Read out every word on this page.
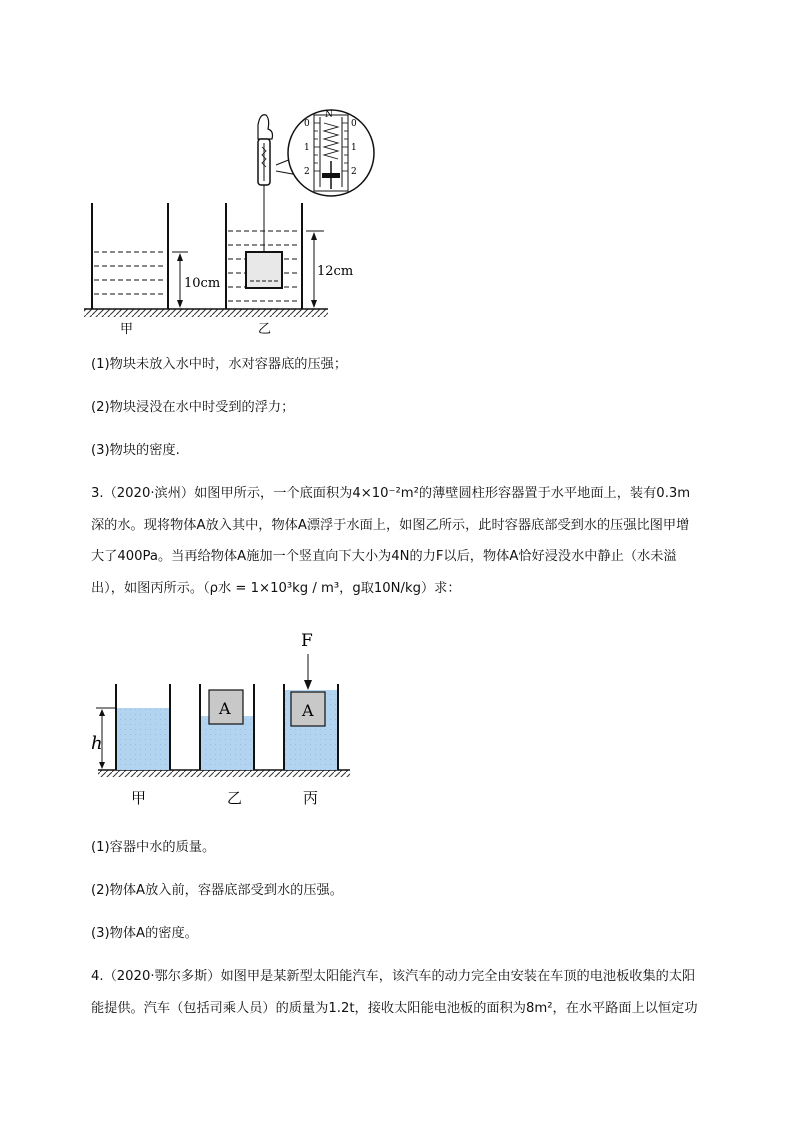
10cm
12cm
N
0
1
2
0
1
2
甲	乙
(1)物块未放入水中时，水对容器底的压强；
(2)物块浸没在水中时受到的浮力；
(3)物块的密度.
3.（2020·滨州）如图甲所示，一个底面积为4×10⁻²m²的薄壁圆柱形容器置于水平地面上，装有0.3m
深的水。现将物体A放入其中，物体A漂浮于水面上，如图乙所示，此时容器底部受到水的压强比图甲增
大了400Pa。当再给物体A施加一个竖直向下大小为4N的力F以后，物体A恰好浸没水中静止（水未溢
出），如图丙所示。（ρ水 = 1×10³kg / m³，g取10N/kg）求：
h
A	A
F
甲	乙	丙
(1)容器中水的质量。
(2)物体A放入前，容器底部受到水的压强。
(3)物体A的密度。
4.（2020·鄂尔多斯）如图甲是某新型太阳能汽车，该汽车的动力完全由安装在车顶的电池板收集的太阳
能提供。汽车（包括司乘人员）的质量为1.2t，接收太阳能电池板的面积为8m²，在水平路面上以恒定功
